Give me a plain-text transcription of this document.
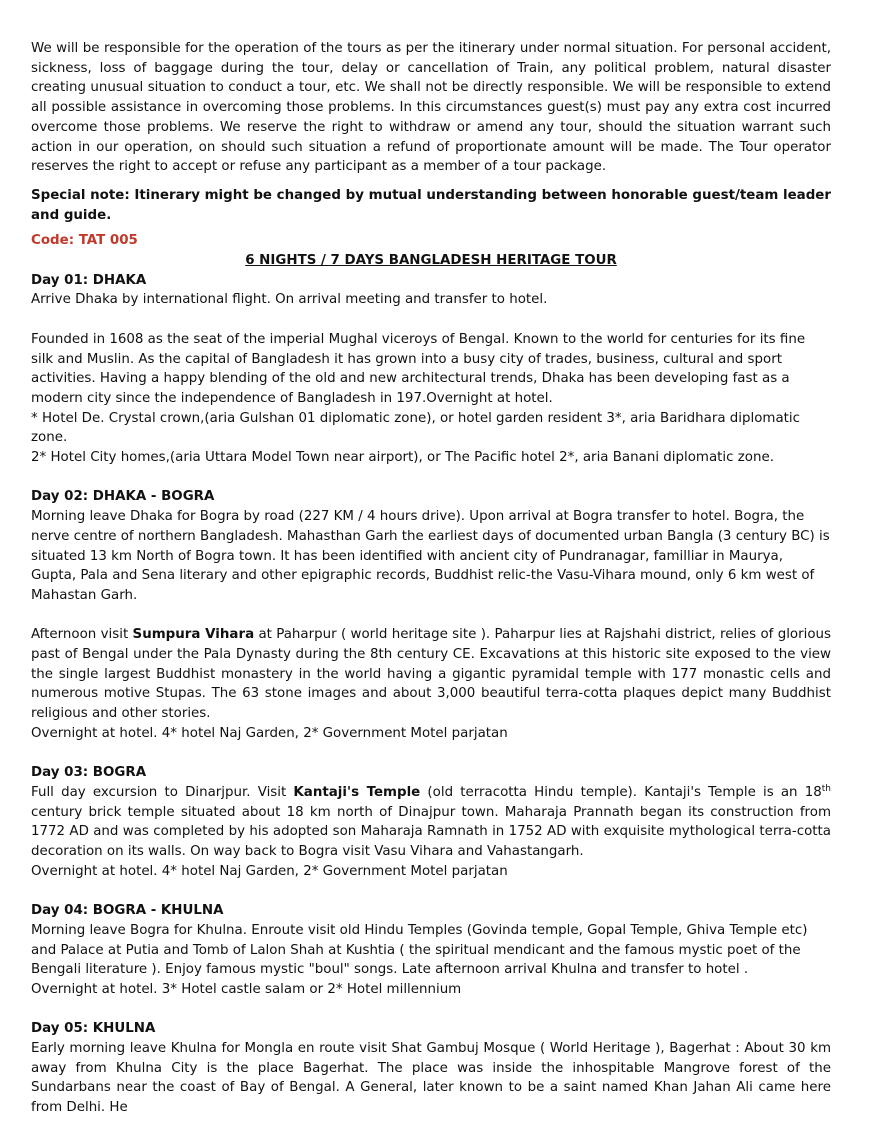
We will be responsible for the operation of the tours as per the itinerary under normal situation. For personal accident, sickness, loss of baggage during the tour, delay or cancellation of Train, any political problem, natural disaster creating unusual situation to conduct a tour, etc. We shall not be directly responsible. We will be responsible to extend all possible assistance in overcoming those problems. In this circumstances guest(s) must pay any extra cost incurred overcome those problems. We reserve the right to withdraw or amend any tour, should the situation warrant such action in our operation, on should such situation a refund of proportionate amount will be made. The Tour operator reserves the right to accept or refuse any participant as a member of a tour package.

Special note: Itinerary might be changed by mutual understanding between honorable guest/team leader and guide.

Code: TAT 005

6 NIGHTS / 7 DAYS BANGLADESH HERITAGE TOUR

Day 01: DHAKA

Arrive Dhaka by international flight. On arrival meeting and transfer to hotel.

Founded in 1608 as the seat of the imperial Mughal viceroys of Bengal. Known to the world for centuries for its fine silk and Muslin. As the capital of Bangladesh it has grown into a busy city of trades, business, cultural and sport activities. Having a happy blending of the old and new architectural trends, Dhaka has been developing fast as a modern city since the independence of Bangladesh in 197.Overnight at hotel.

* Hotel De. Crystal crown,(aria Gulshan 01 diplomatic zone), or hotel garden resident 3*, aria Baridhara diplomatic zone.

2* Hotel City homes,(aria Uttara Model Town near airport), or The Pacific hotel 2*, aria Banani diplomatic zone.

Day 02: DHAKA - BOGRA

Morning leave Dhaka for Bogra by road (227 KM / 4 hours drive). Upon arrival at Bogra transfer to hotel. Bogra, the nerve centre of northern Bangladesh. Mahasthan Garh the earliest days of documented urban Bangla (3 century BC) is situated 13 km North of Bogra town. It has been identified with ancient city of Pundranagar, familliar in Maurya, Gupta, Pala and Sena literary and other epigraphic records, Buddhist relic-the Vasu-Vihara mound, only 6 km west of Mahastan Garh.

Afternoon visit Sumpura Vihara at Paharpur ( world heritage site ). Paharpur lies at Rajshahi district, relies of glorious past of Bengal under the Pala Dynasty during the 8th century CE. Excavations at this historic site exposed to the view the single largest Buddhist monastery in the world having a gigantic pyramidal temple with 177 monastic cells and numerous motive Stupas. The 63 stone images and about 3,000 beautiful terra-cotta plaques depict many Buddhist religious and other stories.

Overnight at hotel. 4* hotel Naj Garden, 2* Government Motel parjatan

Day 03: BOGRA

Full day excursion to Dinarjpur. Visit Kantaji's Temple (old terracotta Hindu temple). Kantaji's Temple is an 18th century brick temple situated about 18 km north of Dinajpur town. Maharaja Prannath began its construction from 1772 AD and was completed by his adopted son Maharaja Ramnath in 1752 AD with exquisite mythological terra-cotta decoration on its walls. On way back to Bogra visit Vasu Vihara and Vahastangarh.

Overnight at hotel. 4* hotel Naj Garden, 2* Government Motel parjatan

Day 04: BOGRA - KHULNA

Morning leave Bogra for Khulna. Enroute visit old Hindu Temples (Govinda temple, Gopal Temple, Ghiva Temple etc) and Palace at Putia and Tomb of Lalon Shah at Kushtia ( the spiritual mendicant and the famous mystic poet of the Bengali literature ). Enjoy famous mystic "boul" songs. Late afternoon arrival Khulna and transfer to hotel .

Overnight at hotel. 3* Hotel castle salam or 2* Hotel millennium

Day 05: KHULNA

Early morning leave Khulna for Mongla en route visit Shat Gambuj Mosque ( World Heritage ), Bagerhat : About 30 km away from Khulna City is the place Bagerhat. The place was inside the inhospitable Mangrove forest of the Sundarbans near the coast of Bay of Bengal. A General, later known to be a saint named Khan Jahan Ali came here from Delhi. He
